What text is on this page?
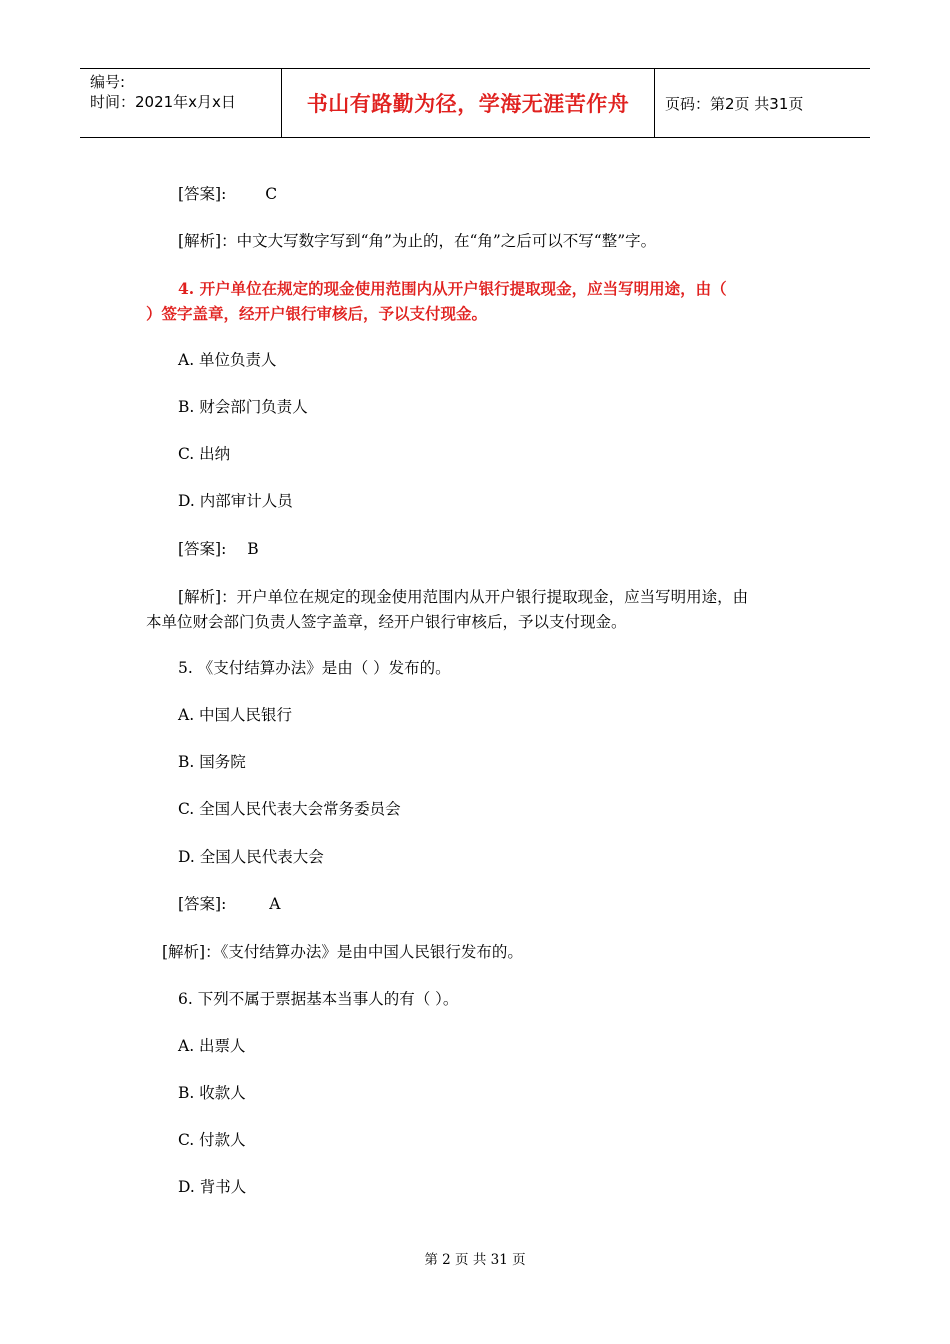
编号:
时间：2021年x月x日	书山有路勤为径，学海无涯苦作舟 页码：第2页 共31页
[答案]:	C
[解析]：中文大写数字写到“角”为止的，在“角”之后可以不写“整”字。
4. 开户单位在规定的现金使用范围内从开户银行提取现金，应当写明用途，由（
）签字盖章，经开户银行审核后，予以支付现金。
A. 单位负责人
B. 财会部门负责人
C. 出纳
D. 内部审计人员
[答案]: B
[解析]：开户单位在规定的现金使用范围内从开户银行提取现金，应当写明用途，由
本单位财会部门负责人签字盖章，经开户银行审核后，予以支付现金。
5. 《支付结算办法》是由（ ）发布的。
A. 中国人民银行
B. 国务院
C. 全国人民代表大会常务委员会
D. 全国人民代表大会
[答案]:	A
[解析]：《支付结算办法》是由中国人民银行发布的。
6. 下列不属于票据基本当事人的有（ ）。
A. 出票人
B. 收款人
C. 付款人
D. 背书人
第 2 页 共 31 页
